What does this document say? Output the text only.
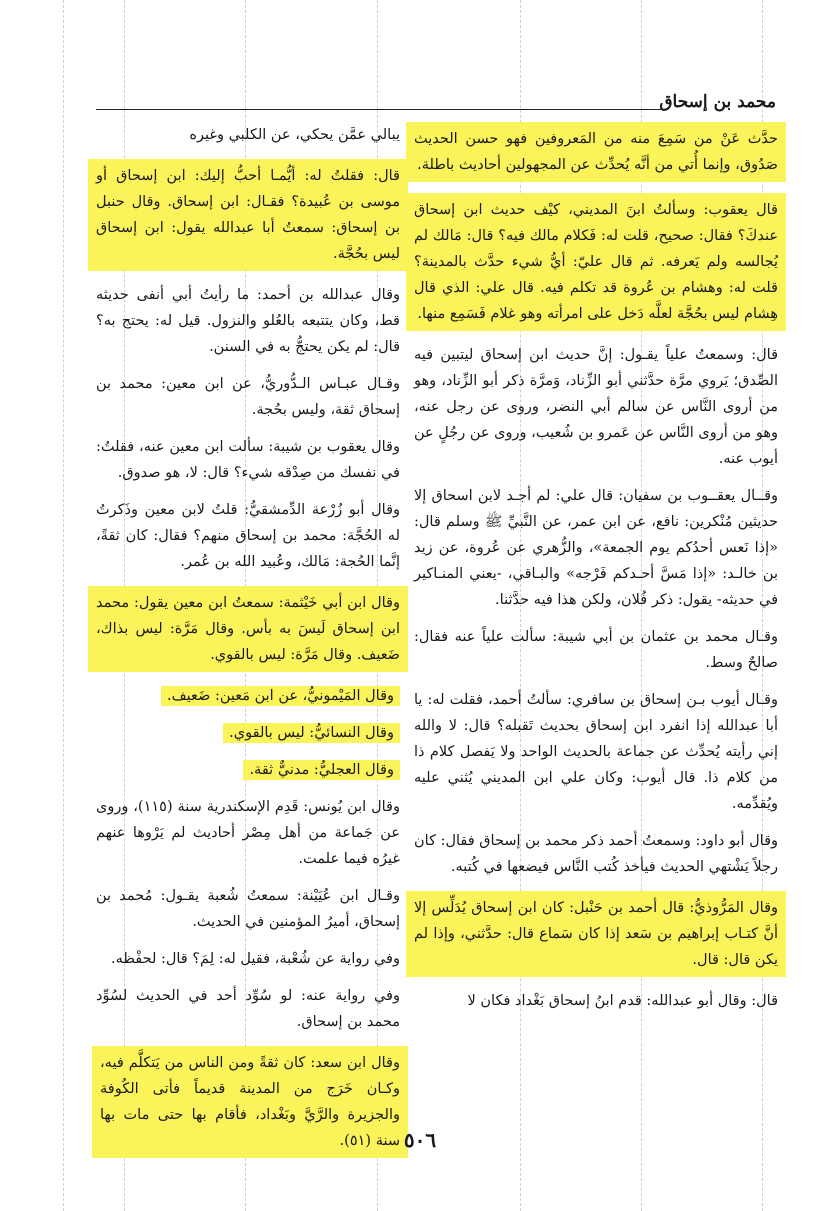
محمد بن إسحاق
حدَّث عَنْ من سَمِعَ منه من المَعروفين فهو حسن الحديث صَدُوق، وإنما أُتي من أنَّه يُحدِّث عن المجهولين أحاديث باطلة.
قال يعقوب: وسألتُ ابنَ المديني، كيْف حديث ابن إسحاق عندكَ؟ فقال: صحيح، قلت له: فَكلام مالك فيه؟ قال: مَالك لم يُجالسه ولم يَعرفه. ثم قال عليّ: أيُّ شيء حدَّث بالمدينة؟ قلت له: وهشام بن عُروة قد تكلم فيه. قال علي: الذي قال هِشام ليس بحُجَّة لعلَّه دَخل على امرأته وهو غلام فَسَمِع منها.
قال: وسمعتُ علياً يقـول: إنَّ حديث ابن إسحاق ليتبين فيه الصِّدق؛ يَروي مرَّة حدَّثني أبو الزِّناد، وَمرَّة ذكر أبو الزِّناد، وهو من أروى النَّاس عن سالم أبي النضر، وروى عن رجل عنه، وهو من أروى النَّاس عن عَمرو بن شُعيب، وروى عن رجُلٍ عن أيوب عنه.
وقــال يعقــوب بن سفيان: قال علي: لم أجـد لابن اسحاق إلا حديثين مُنْكرين: نافع، عن ابن عمر، عن النَّبيِّ ﷺ وسلم قال: «إذا نَعس أحدُكم يوم الجمعة»، والزُّهري عن عُروة، عن زيد بن خالـد: «إذا مَسَّ أحـدكم فَرْجه» والبـاقي، -يعني المنـاكير في حديثه- يقول: ذكر فُلان، ولكن هذا فيه حدَّثنا.
وقـال محمد بن عثمان بن أبي شيبة: سألت علياً عنه فقال: صالحٌ وسط.
وقـال أيوب بـن إسحاق بن سافري: سألتُ أحمد، فقلت له: يا أبا عبدالله إذا انفرد ابن إسحاق بحديث تَقبله؟ قال: لا والله إني رأيته يُحدِّث عن جماعة بالحديث الواحد ولا يَفصل كلام ذا من كلام ذا. قال أيوب: وكان علي ابن المديني يُثني عليه ويُقدِّمه.
وقال أبو داود: وسمعتُ أحمد ذكر محمد بن إسحاق فقال: كان رجلاً يَشْتهي الحديث فيأخذ كُتب النَّاس فيضعها في كُتبه.
وقال المَرُّوذيُّ: قال أحمد بن حَنْبل: كان ابن إسحاق يُدَلِّس إلا أنَّ كتـاب إبراهيم بن سَعد إذا كان سَماع قال: حدَّثني، وإذا لم يكن قال: قال.
قال: وقال أبو عبدالله: قدم ابنُ إسحاق بَغْداد فكان لا
يبالي عمَّن يحكي، عن الكلبي وغيره
قال: فقلتُ له: أيُّمـا أحبُّ إليك: ابن إسحاق أو موسى بن عُبيدة؟ فقـال: ابن إسحاق. وقال حنبل بن إسحاق: سمعتُ أبا عبدالله يقول: ابن إسحاق ليس بحُجَّة.
وقال عبدالله بن أحمد: ما رأيتُ أبي أنفى حديثه قط، وكان يتتبعه بالعُلو والنزول. قيل له: يحتج به؟ قال: لم يكن يحتجُّ به في السنن.
وقـال عبـاس الـدُّوريُّ، عن ابن معين: محمد بن إسحاق ثقة، وليس بحُجة.
وقال يعقوب بن شيبة: سألت ابن معين عنه، فقلتُ: في نفسك من صِدْقه شيء؟ قال: لا، هو صدوق.
وقال أبو زُرْعة الدِّمشقيُّ: قلتُ لابن معين وذَكرتُ له الحُجَّة: محمد بن إسحاق منهم؟ فقال: كان ثقةً، إنَّما الحُجة: مَالك، وعُبيد الله بن عُمر.
وقال ابن أبي خَيْثمة: سمعتُ ابن معين يقول: محمد ابن إسحاق لَيسَ به بأس. وقال مَرَّة: ليس بذاك، ضَعيف. وقال مَرَّة: ليس بالقوي.
وقال المَيْمونيُّ، عن ابن مَعين: ضَعيف.
وقال النسائيُّ: ليس بالقوي.
وقال العجليُّ: مدنيٌّ ثقة.
وقال ابن يُونس: قَدِم الإسكندرية سنة (١١٥)، وروى عن جَماعة من أهل مِصْر أحاديث لم يَرْوها عنهم غيرُه فيما علمت.
وقـال ابن عُيَيْنة: سمعتُ شُعبة يقـول: مُحمد بن إسحاق، أميرُ المؤمنين في الحديث.
وفي رواية عن شُعْبة، فقيل له: لِمَ؟ قال: لحفْظه.
وفي رواية عنه: لو سُوِّد أحد في الحديث لسُوِّد محمد بن إسحاق.
وقال ابن سعد: كان ثقةً ومن الناس من يَتكلَّم فيه، وكـان خَرَج من المدينة قديماً فأتى الكُوفة والجزيرة والرَّيَّ وبَغْداد، فأقام بها حتى مات بها سنة (٥١). ٥٠٦
